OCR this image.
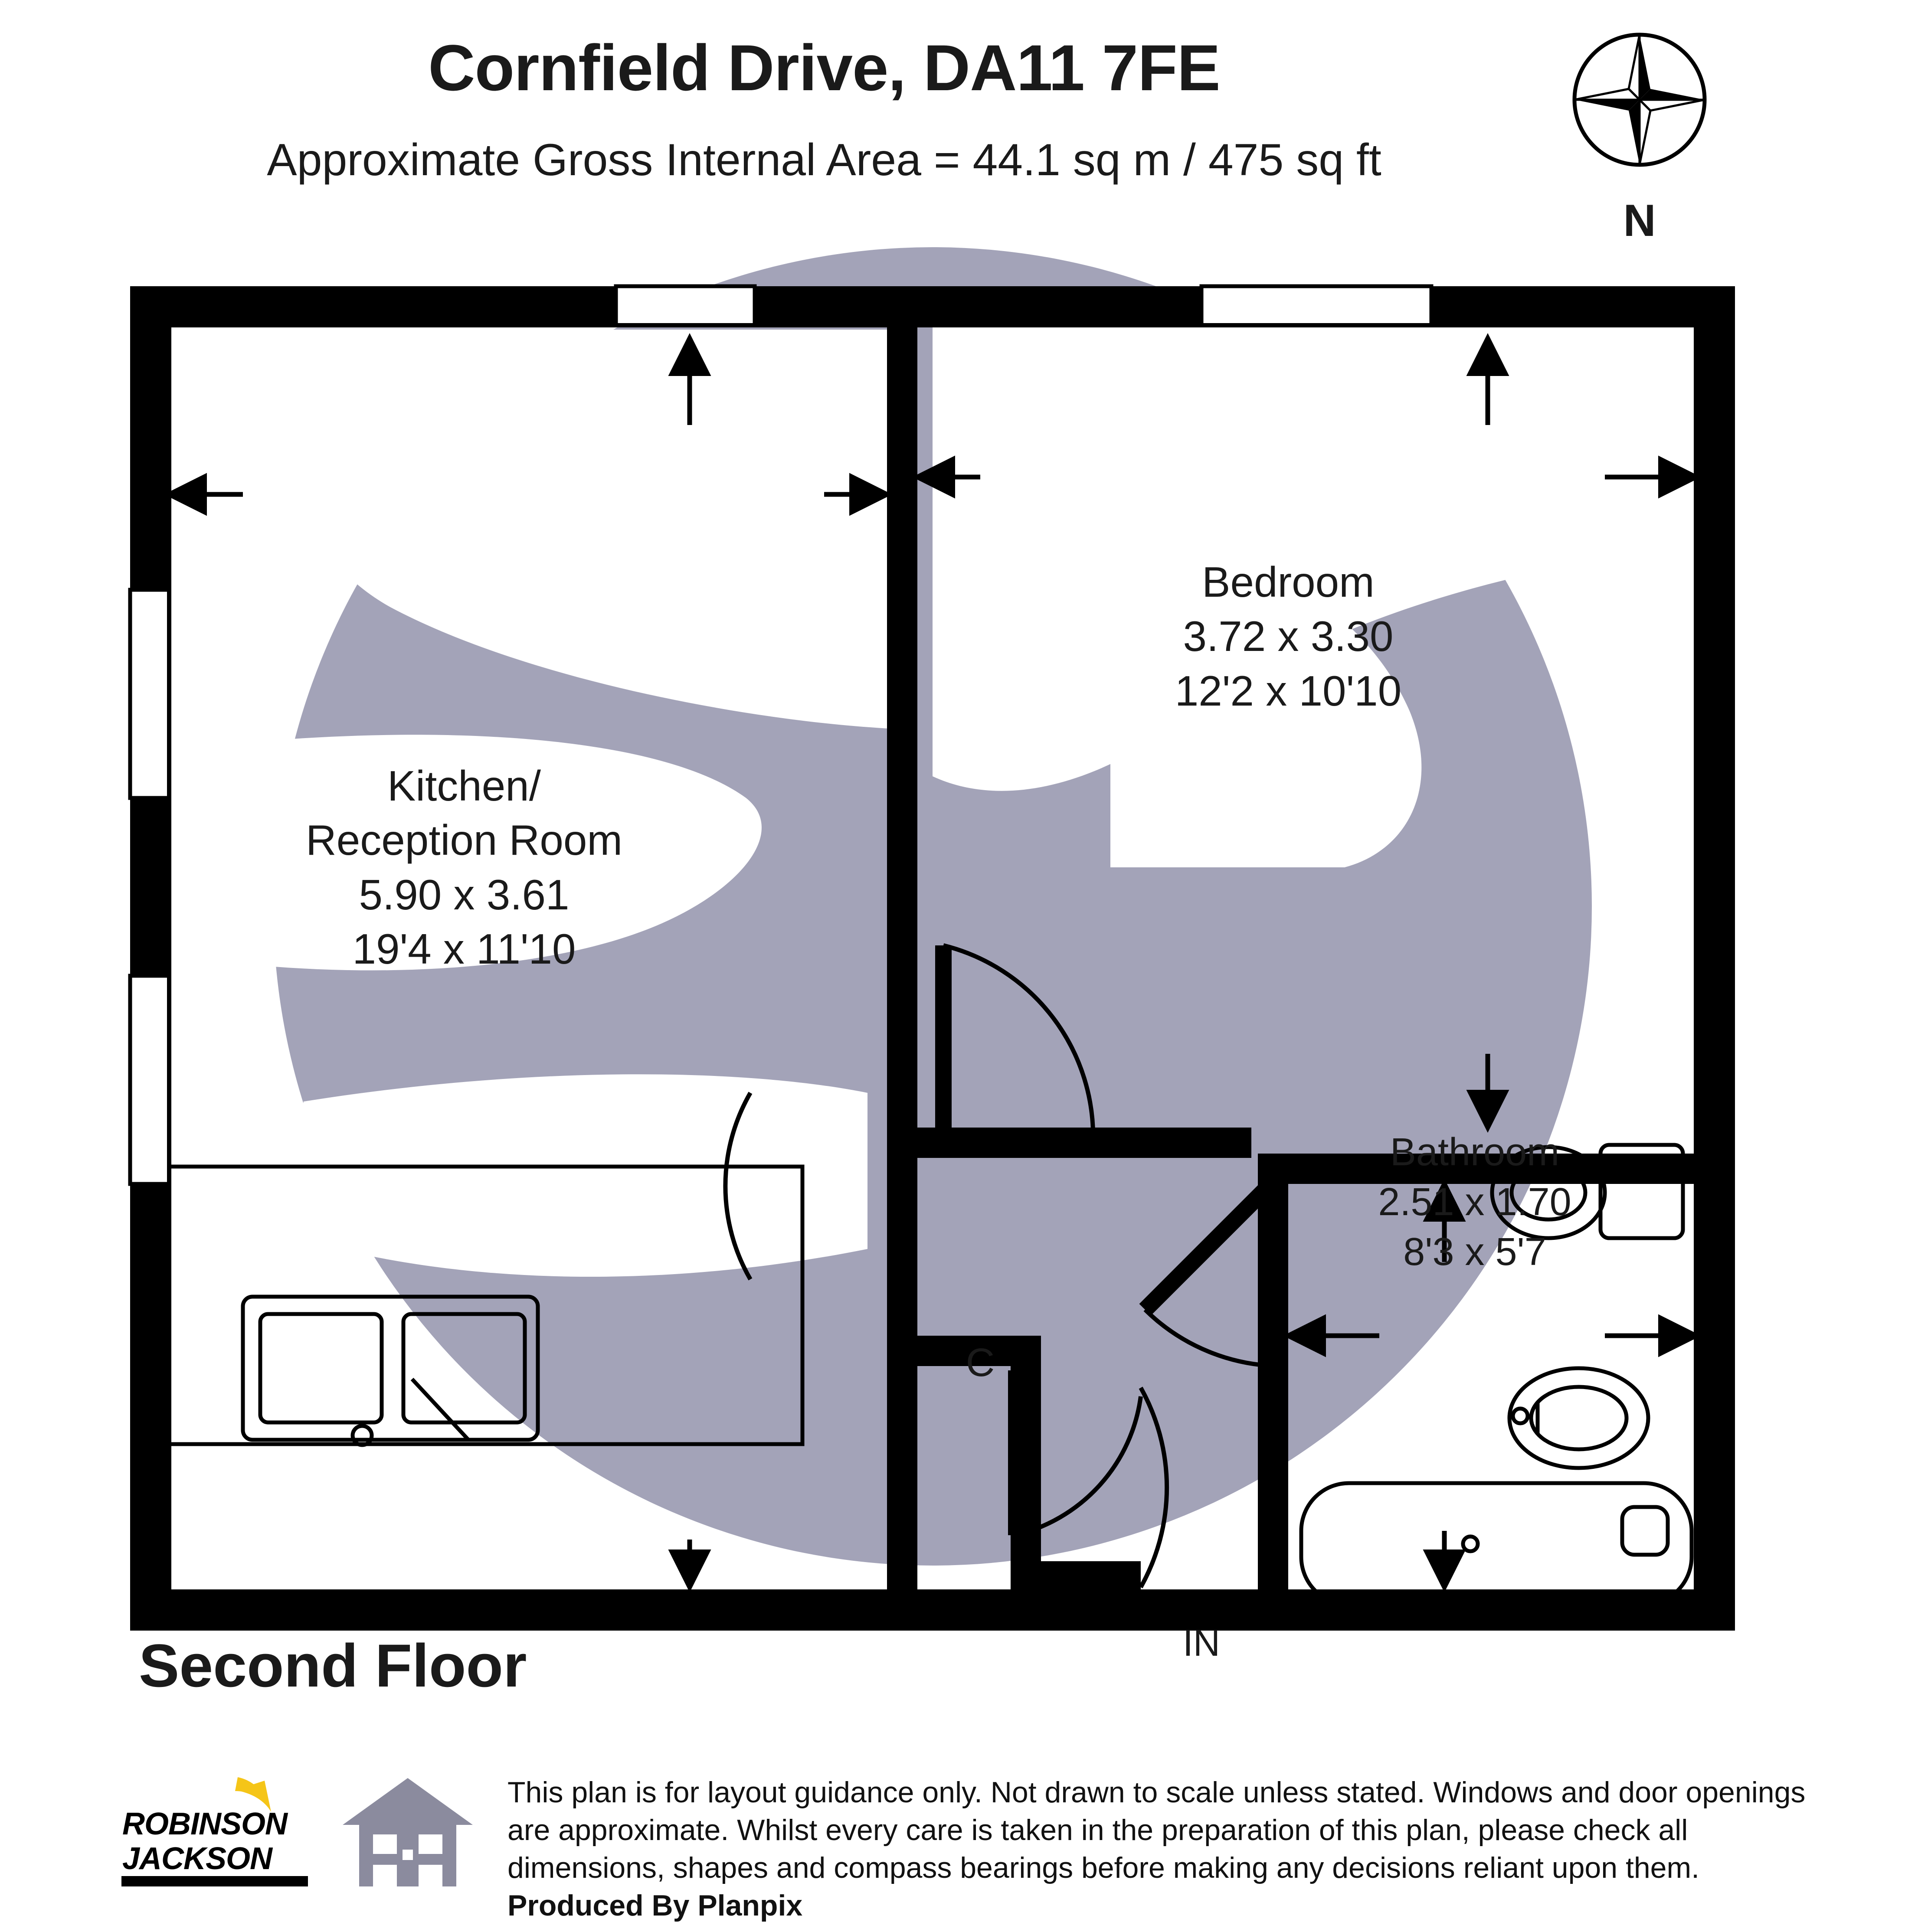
Cornfield Drive, DA11 7FE
Approximate Gross Internal Area = 44.1 sq m / 475 sq ft
N
Kitchen/
Reception Room
5.90 x 3.61
19'4 x 11'10
Bedroom
3.72 x 3.30
12'2 x 10'10
Bathroom
2.51 x 1.70
8'3 x 5'7
C
IN
Second Floor
ROBINSON
JACKSON
This plan is for layout guidance only. Not drawn to scale unless stated. Windows and door openings are approximate. Whilst every care is taken in the preparation of this plan, please check all dimensions, shapes and compass bearings before making any decisions reliant upon them.
Produced By Planpix
